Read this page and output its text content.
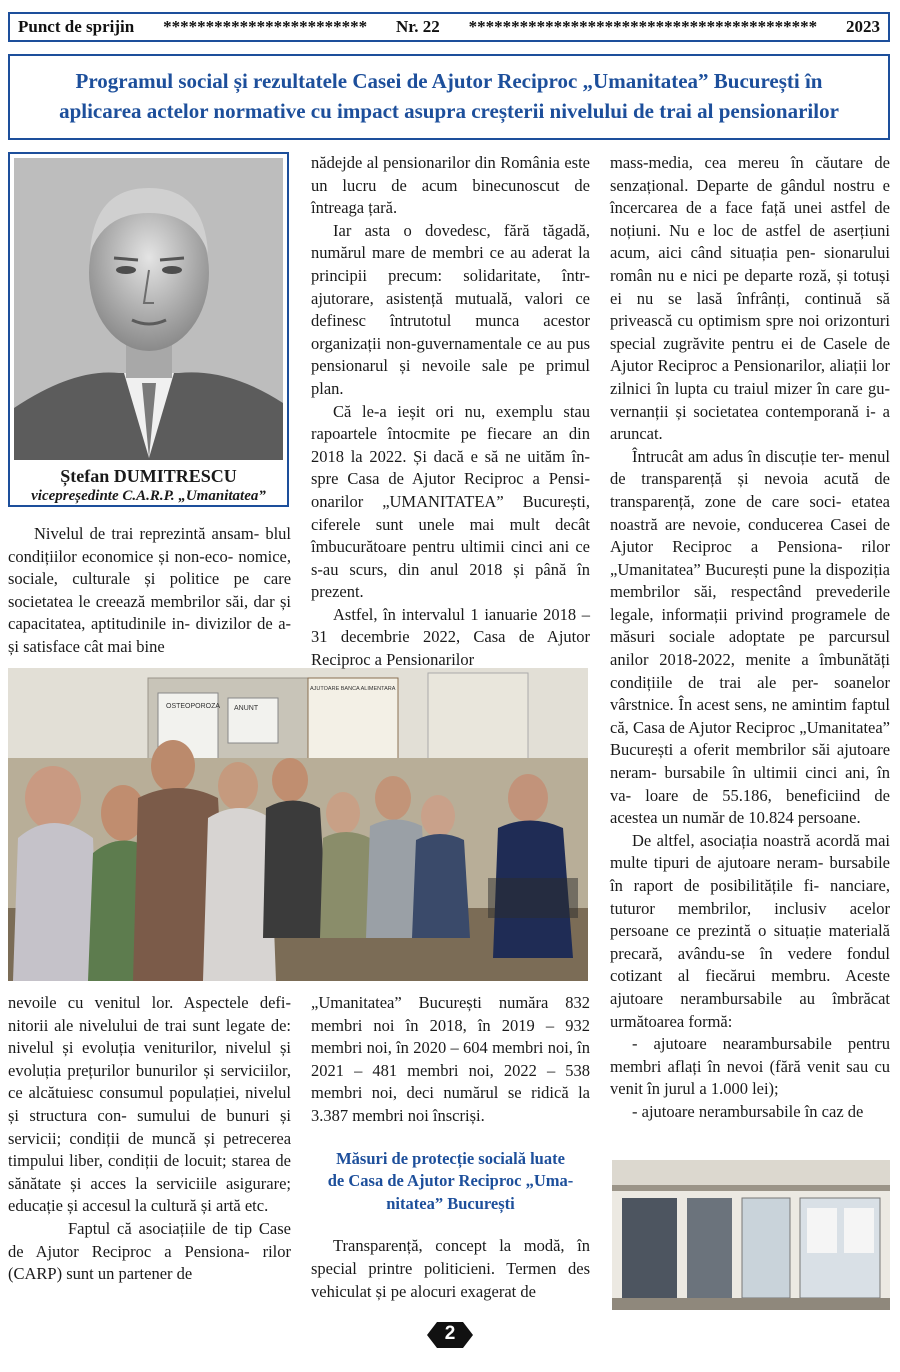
Punct de sprijin ************************ Nr. 22 ***************************************** 2023
Programul social și rezultatele Casei de Ajutor Reciproc „Umanitatea” București în
aplicarea actelor normative cu impact asupra creșterii nivelului de trai al pensionarilor
Ștefan DUMITRESCU
vicepreședinte C.A.R.P. „Umanitatea”

Nivelul de trai reprezintă ansam- blul condițiilor economice și non-eco- nomice, sociale, culturale și politice pe care societatea le creează membrilor săi, dar și capacitatea, aptitudinile in- divizilor de a-și satisface cât mai bine

OSTEOPOROZA
AJUTOARE BANCA ALIMENTARA
ANUNT

nevoile cu venitul lor. Aspectele defi- nitorii ale nivelului de trai sunt legate de: nivelul și evoluția veniturilor, nivelul și evoluția prețurilor bunurilor și serviciilor, ce alcătuiesc consumul populației, nivelul și structura con- sumului de bunuri și servicii; condiții de muncă și petrecerea timpului liber, condiții de locuit; starea de sănătate și acces la serviciile asigurare; educație și accesul la cultură și artă etc.

Faptul că asociațiile de tip Case de Ajutor Reciproc a Pensiona- rilor (CARP) sunt un partener de

nădejde al pensionarilor din România este un lucru de acum binecunoscut de întreaga țară.

Iar asta o dovedesc, fără tăgadă, numărul mare de membri ce au aderat la principii precum: solidaritate, într- ajutorare, asistență mutuală, valori ce definesc întrutotul munca acestor organizații non-guvernamentale ce au pus pensionarul și nevoile sale pe primul plan.

Că le-a ieșit ori nu, exemplu stau rapoartele întocmite pe fiecare an din 2018 la 2022. Și dacă e să ne uităm în- spre Casa de Ajutor Reciproc a Pensi- onarilor „UMANITATEA” București, ciferele sunt unele mai mult decât îmbucurătoare pentru ultimii cinci ani ce s-au scurs, din anul 2018 și până în prezent.

Astfel, în intervalul 1 ianuarie 2018 – 31 decembrie 2022, Casa de Ajutor Reciproc a Pensionarilor

„Umanitatea” București număra 832 membri noi în 2018, în 2019 – 932 membri noi, în 2020 – 604 membri noi, în 2021 – 481 membri noi, 2022 – 538 membri noi, deci numărul se ridică la 3.387 membri noi înscriși.

Măsuri de protecție socială luate
de Casa de Ajutor Reciproc „Uma-
nitatea” București

Transparență, concept la modă, în special printre politicieni. Termen des vehiculat și pe alocuri exagerat de

mass-media, cea mereu în căutare de senzațional. Departe de gândul nostru e încercarea de a face față unei astfel de noțiuni. Nu e loc de astfel de aserțiuni acum, aici când situația pen- sionarului român nu e nici pe departe roză, și totuși ei nu se lasă înfrânți, continuă să privească cu optimism spre noi orizonturi special zugrăvite pentru ei de Casele de Ajutor Reciproc a Pensionarilor, aliații lor zilnici în lupta cu traiul mizer în care gu- vernanții și societatea contemporană i- a aruncat.

Întrucât am adus în discuție ter- menul de transparență și nevoia acută de transparență, zone de care soci- etatea noastră are nevoie, conducerea Casei de Ajutor Reciproc a Pensiona- rilor „Umanitatea” București pune la dispoziția membrilor săi, respectând prevederile legale, informații privind programele de măsuri sociale adoptate pe parcursul anilor 2018-2022, menite a îmbunătăți condițiile de trai ale per- soanelor vârstnice. În acest sens, ne amintim faptul că, Casa de Ajutor Reciproc „Umanitatea” București a oferit membrilor săi ajutoare neram- bursabile în ultimii cinci ani, în va- loare de 55.186, beneficiind de acestea un număr de 10.824 persoane.

De altfel, asociația noastră acordă mai multe tipuri de ajutoare neram- bursabile în raport de posibilitățile fi- nanciare, tuturor membrilor, inclusiv acelor persoane ce prezintă o situație materială precară, avându-se în vedere fondul cotizant al fiecărui membru. Aceste ajutoare nerambursabile au îmbrăcat următoarea formă:

- ajutoare nearambursabile pentru membri aflați în nevoi (fără venit sau cu venit în jurul a 1.000 lei);

- ajutoare nerambursabile în caz de

2
